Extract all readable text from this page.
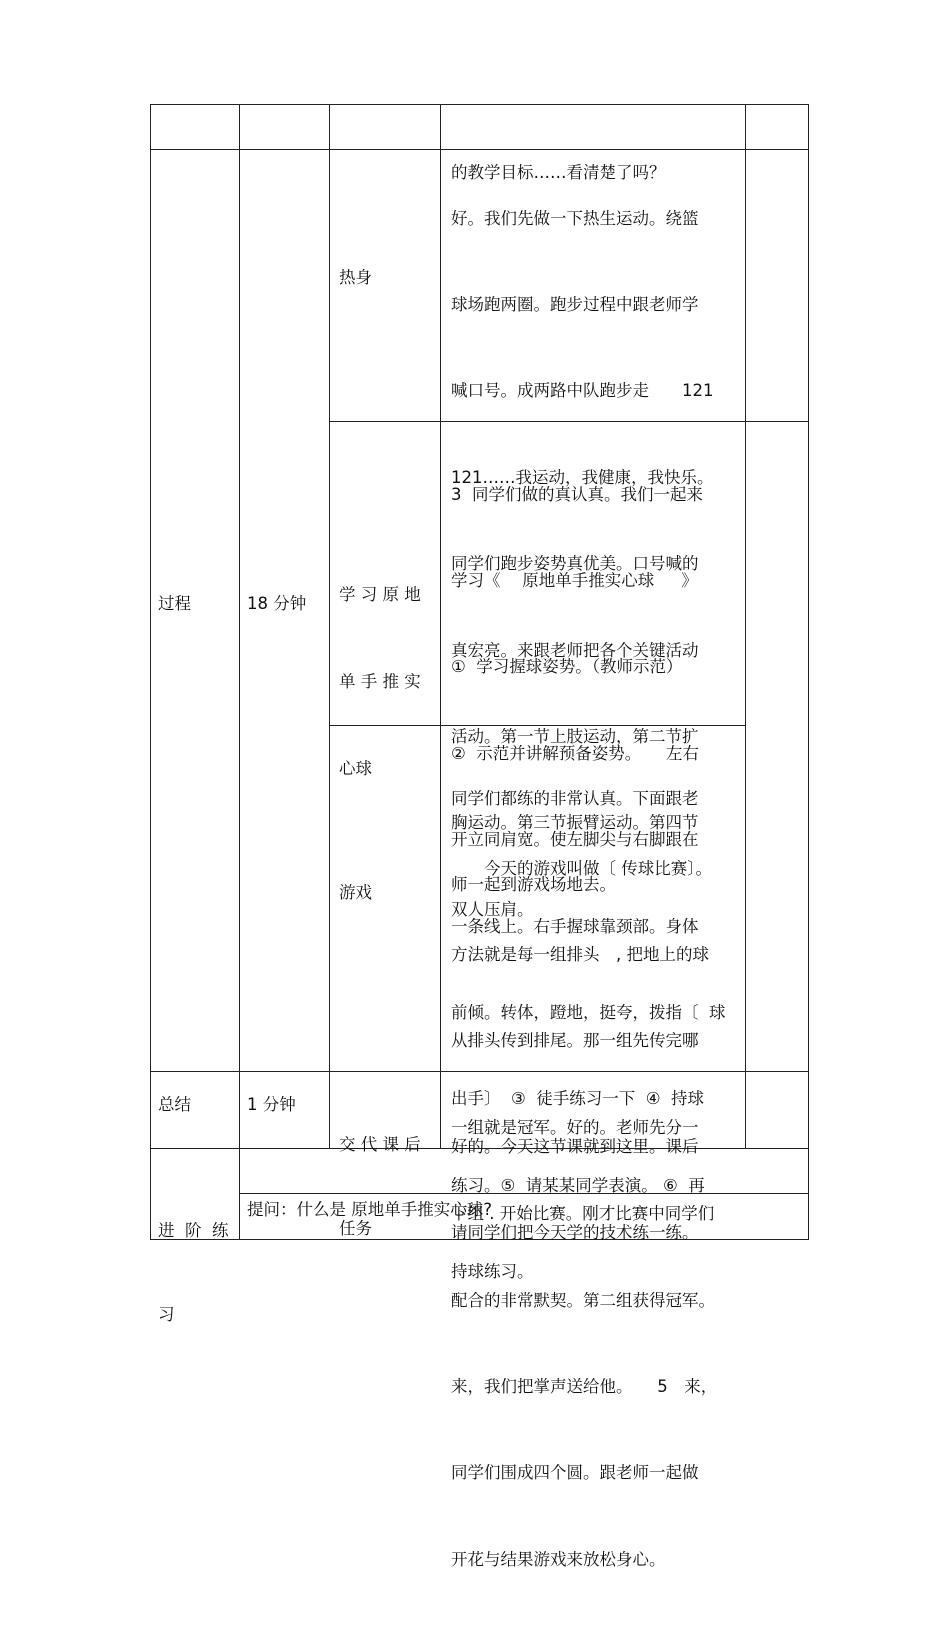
的教学目标……看清楚了吗？

热身

好。我们先做一下热生运动。绕篮

球场跑两圈。跑步过程中跟老师学

喊口号。成两路中队跑步走　　121

121……我运动，我健康，我快乐。

同学们跑步姿势真优美。口号喊的

真宏亮。来跟老师把各个关键活动

活动。第一节上肢运动，第二节扩

胸运动。第三节振臂运动。第四节

双人压肩。

学 习 原 地

单 手 推 实

心球

3  同学们做的真认真。我们一起来

学习《　 原地单手推实心球　  》

①  学习握球姿势。（教师示范）

②  示范并讲解预备姿势。　　左右

开立同肩宽。使左脚尖与右脚跟在

一条线上。右手握球靠颈部。身体

前倾。转体，蹬地，挺夸，拨指〔  球

出手〕  ③  徒手练习一下  ④  持球

练习。⑤  请某某同学表演。 ⑥  再

持球练习。

过程	18 分钟
游戏

同学们都练的非常认真。下面跟老

师一起到游戏场地去。

　　今天的游戏叫做〔 传球比赛〕。

方法就是每一组排头　, 把地上的球

从排头传到排尾。那一组先传完哪

一组就是冠军。好的。老师先分一

下组 . 开始比赛。刚才比赛中同学们

配合的非常默契。第二组获得冠军。

来，我们把掌声送给他。　　5　来，

同学们围成四个圆。跟老师一起做

开花与结果游戏来放松身心。

总结	1 分钟

交 代 课 后

任务

好的。今天这节课就到这里。课后

请同学们把今天学的技术练一练。

进  阶  练

习

提问：什么是 原地单手推实心球?
